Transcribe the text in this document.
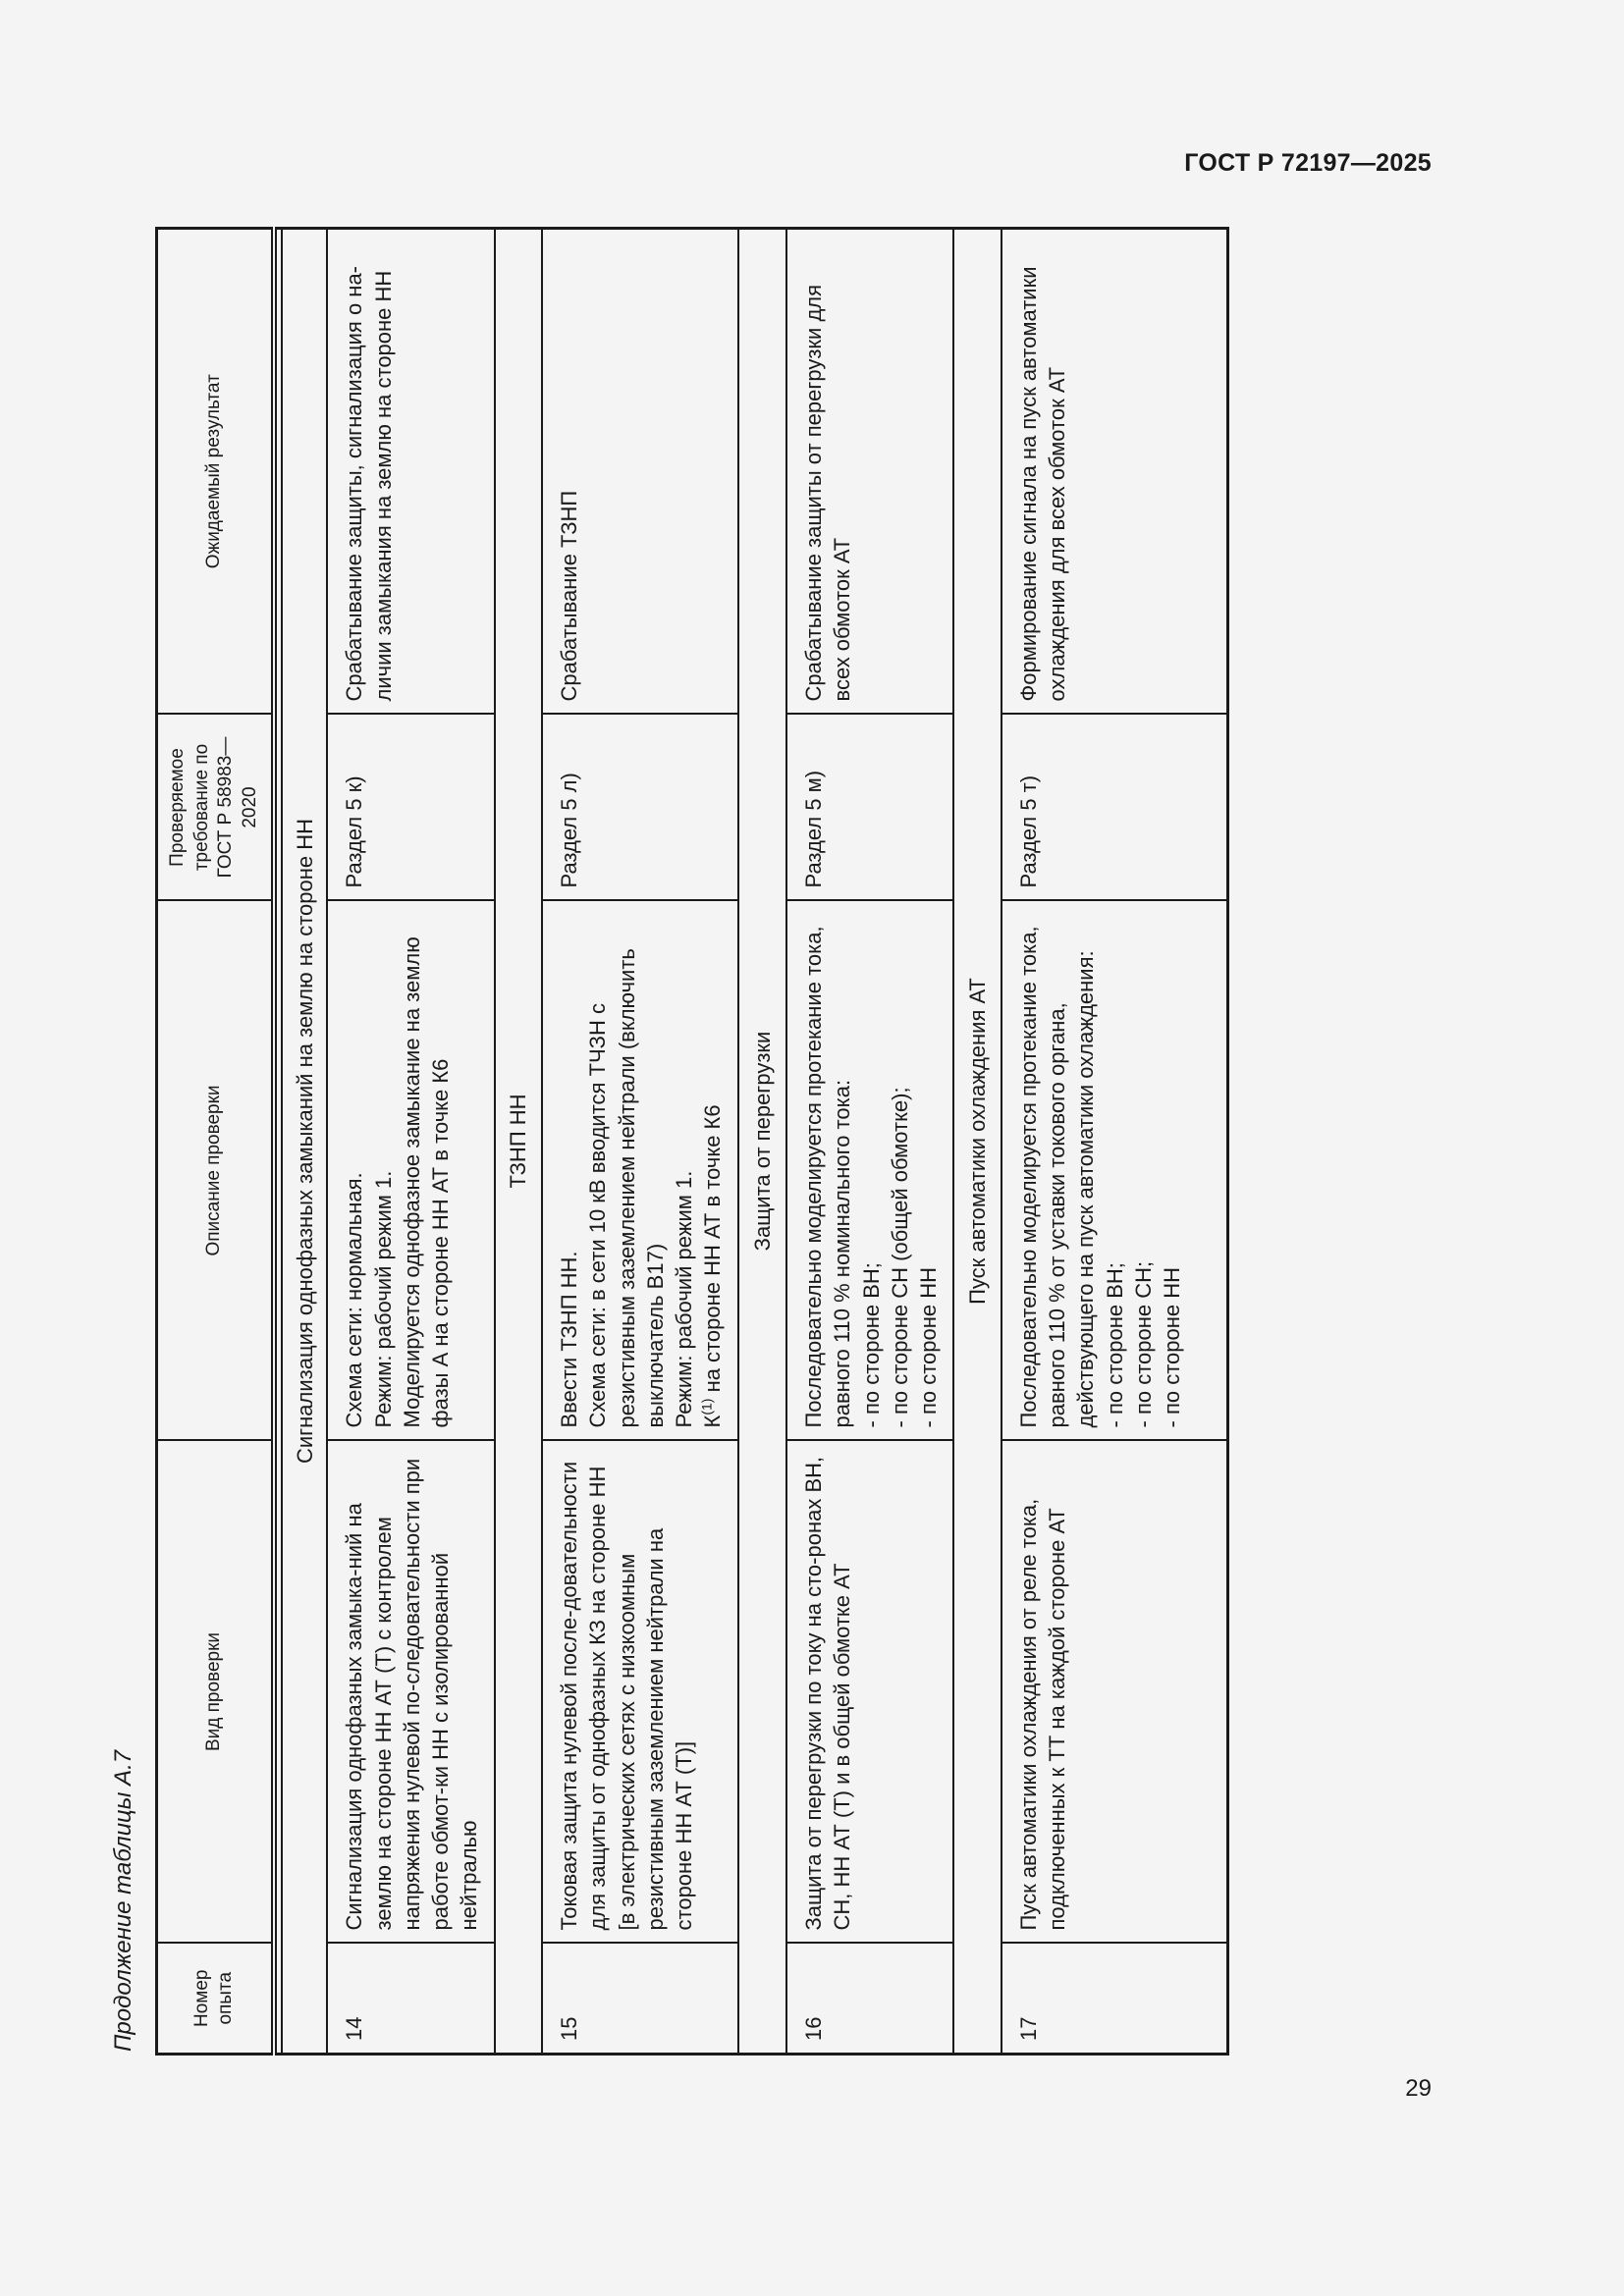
ГОСТ Р 72197—2025
Продолжение таблицы А.7	Номер опыта	Вид проверки	Описание проверки	Проверяемое требование по ГОСТ Р 58983—2020	Ожидаемый результат

Сигнализация однофазных замыканий на землю на стороне НН				
14	Сигнализация однофазных замыка-ний на землю на стороне НН АТ (Т) с контролем напряжения нулевой по-следовательности при работе обмот-ки НН с изолированной нейтралью	Схема сети: нормальная. Режим: рабочий режим 1. Моделируется однофазное замыкание на землю фазы А на стороне НН АТ в точке К6	Раздел 5 к)	Срабатывание защиты, сигнализация о на-личии замыкания на землю на стороне НН
ТЗНП НН				
15	Токовая защита нулевой после-довательности для защиты от однофазных КЗ на стороне НН [в электрических сетях с низкоомным резистивным заземлением нейтрали на стороне НН АТ (Т)]	Ввести ТЗНП НН. Схема сети: в сети 10 кВ вводится ТЧЗН с резистивным заземлением нейтрали (включить выключатель В17) Режим: рабочий режим 1. $К^{(1)}$ на стороне НН АТ в точке К6	Раздел 5 л)	Срабатывание ТЗНП
Защита от перегрузки				
16	Защита от перегрузки по току на сто-ронах ВН, СН, НН АТ (Т) и в общей обмотке АТ	Последовательно моделируется протекание тока, равного 110 % номинального тока: - по стороне ВН; - по стороне СН (общей обмотке); - по стороне НН	Раздел 5 м)	Срабатывание защиты от перегрузки для всех обмоток АТ
Пуск автоматики охлаждения АТ				
17	Пуск автоматики охлаждения от реле тока, подключенных к ТТ на каждой стороне АТ	Последовательно моделируется протекание тока, равного 110 % от уставки токового органа, действующего на пуск автоматики охлаждения: - по стороне ВН; - по стороне СН; - по стороне НН	Раздел 5 т)	Формирование сигнала на пуск автоматики охлаждения для всех обмоток АТ
29
